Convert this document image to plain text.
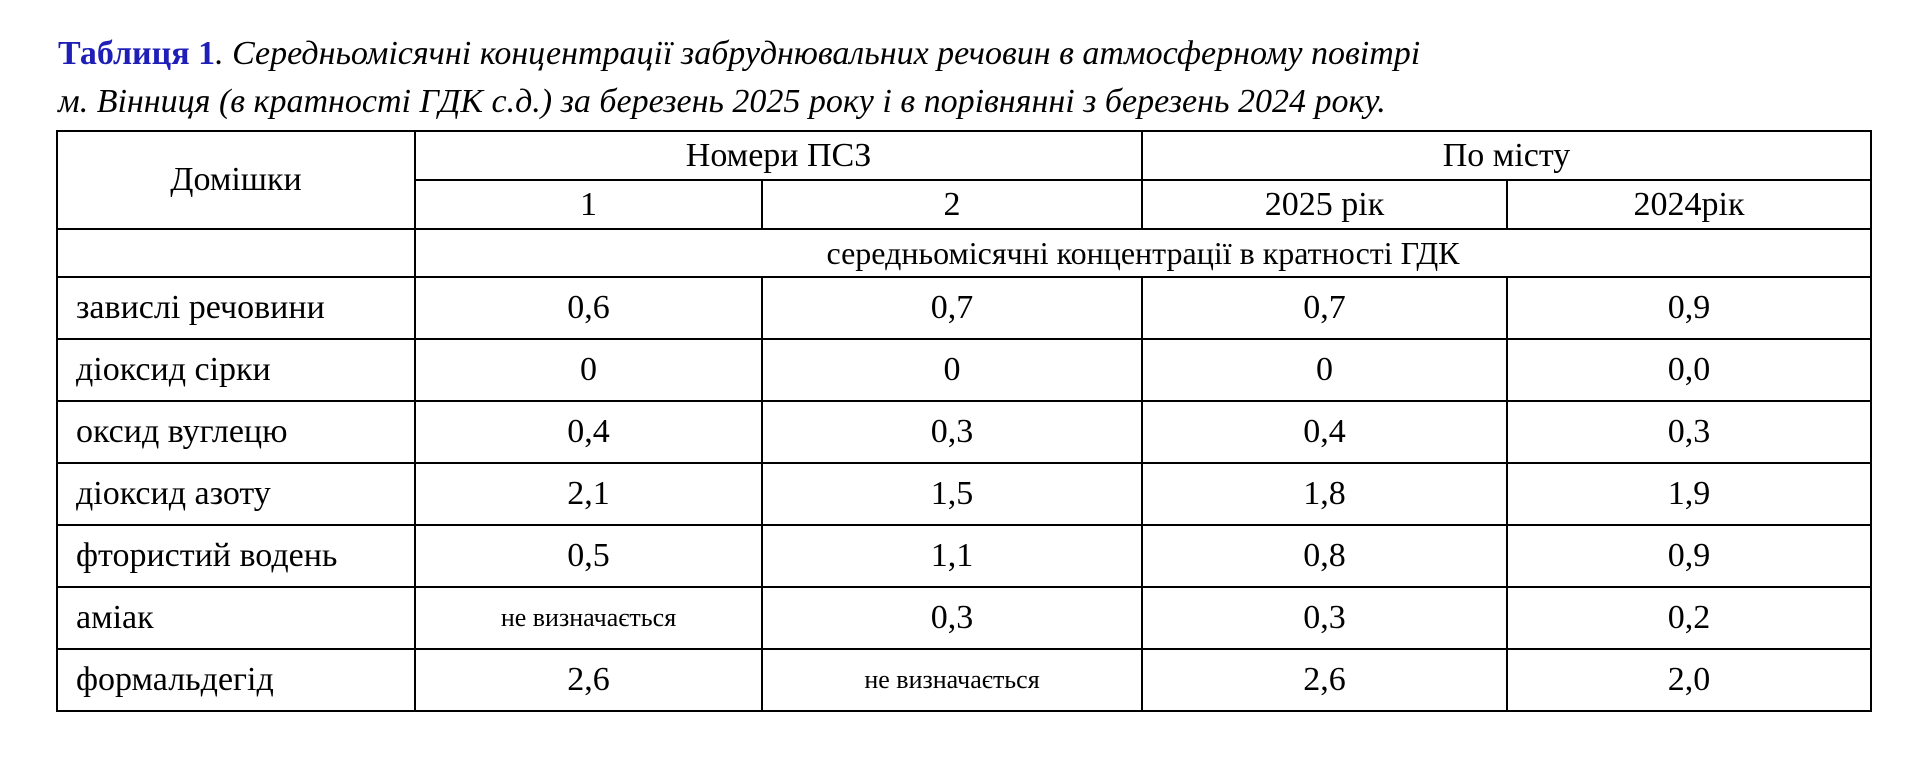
Таблиця 1. Середньомісячні концентрації забруднювальних речовин в атмосферному повітрі
м. Вінниця (в кратності ГДК с.д.) за березень 2025 року і в порівнянні з березень 2024 року.
Домішки	Номери ПСЗ		По місту	
	1	2	2025 рік	2024рік
	середньомісячні концентрації в кратності ГДК			
завислі речовини	0,6	0,7	0,7	0,9
діоксид сірки	0	0	0	0,0
оксид вуглецю	0,4	0,3	0,4	0,3
діоксид азоту	2,1	1,5	1,8	1,9
фтористий водень	0,5	1,1	0,8	0,9
аміак	не визначається	0,3	0,3	0,2
формальдегід	2,6	не визначається	2,6	2,0
